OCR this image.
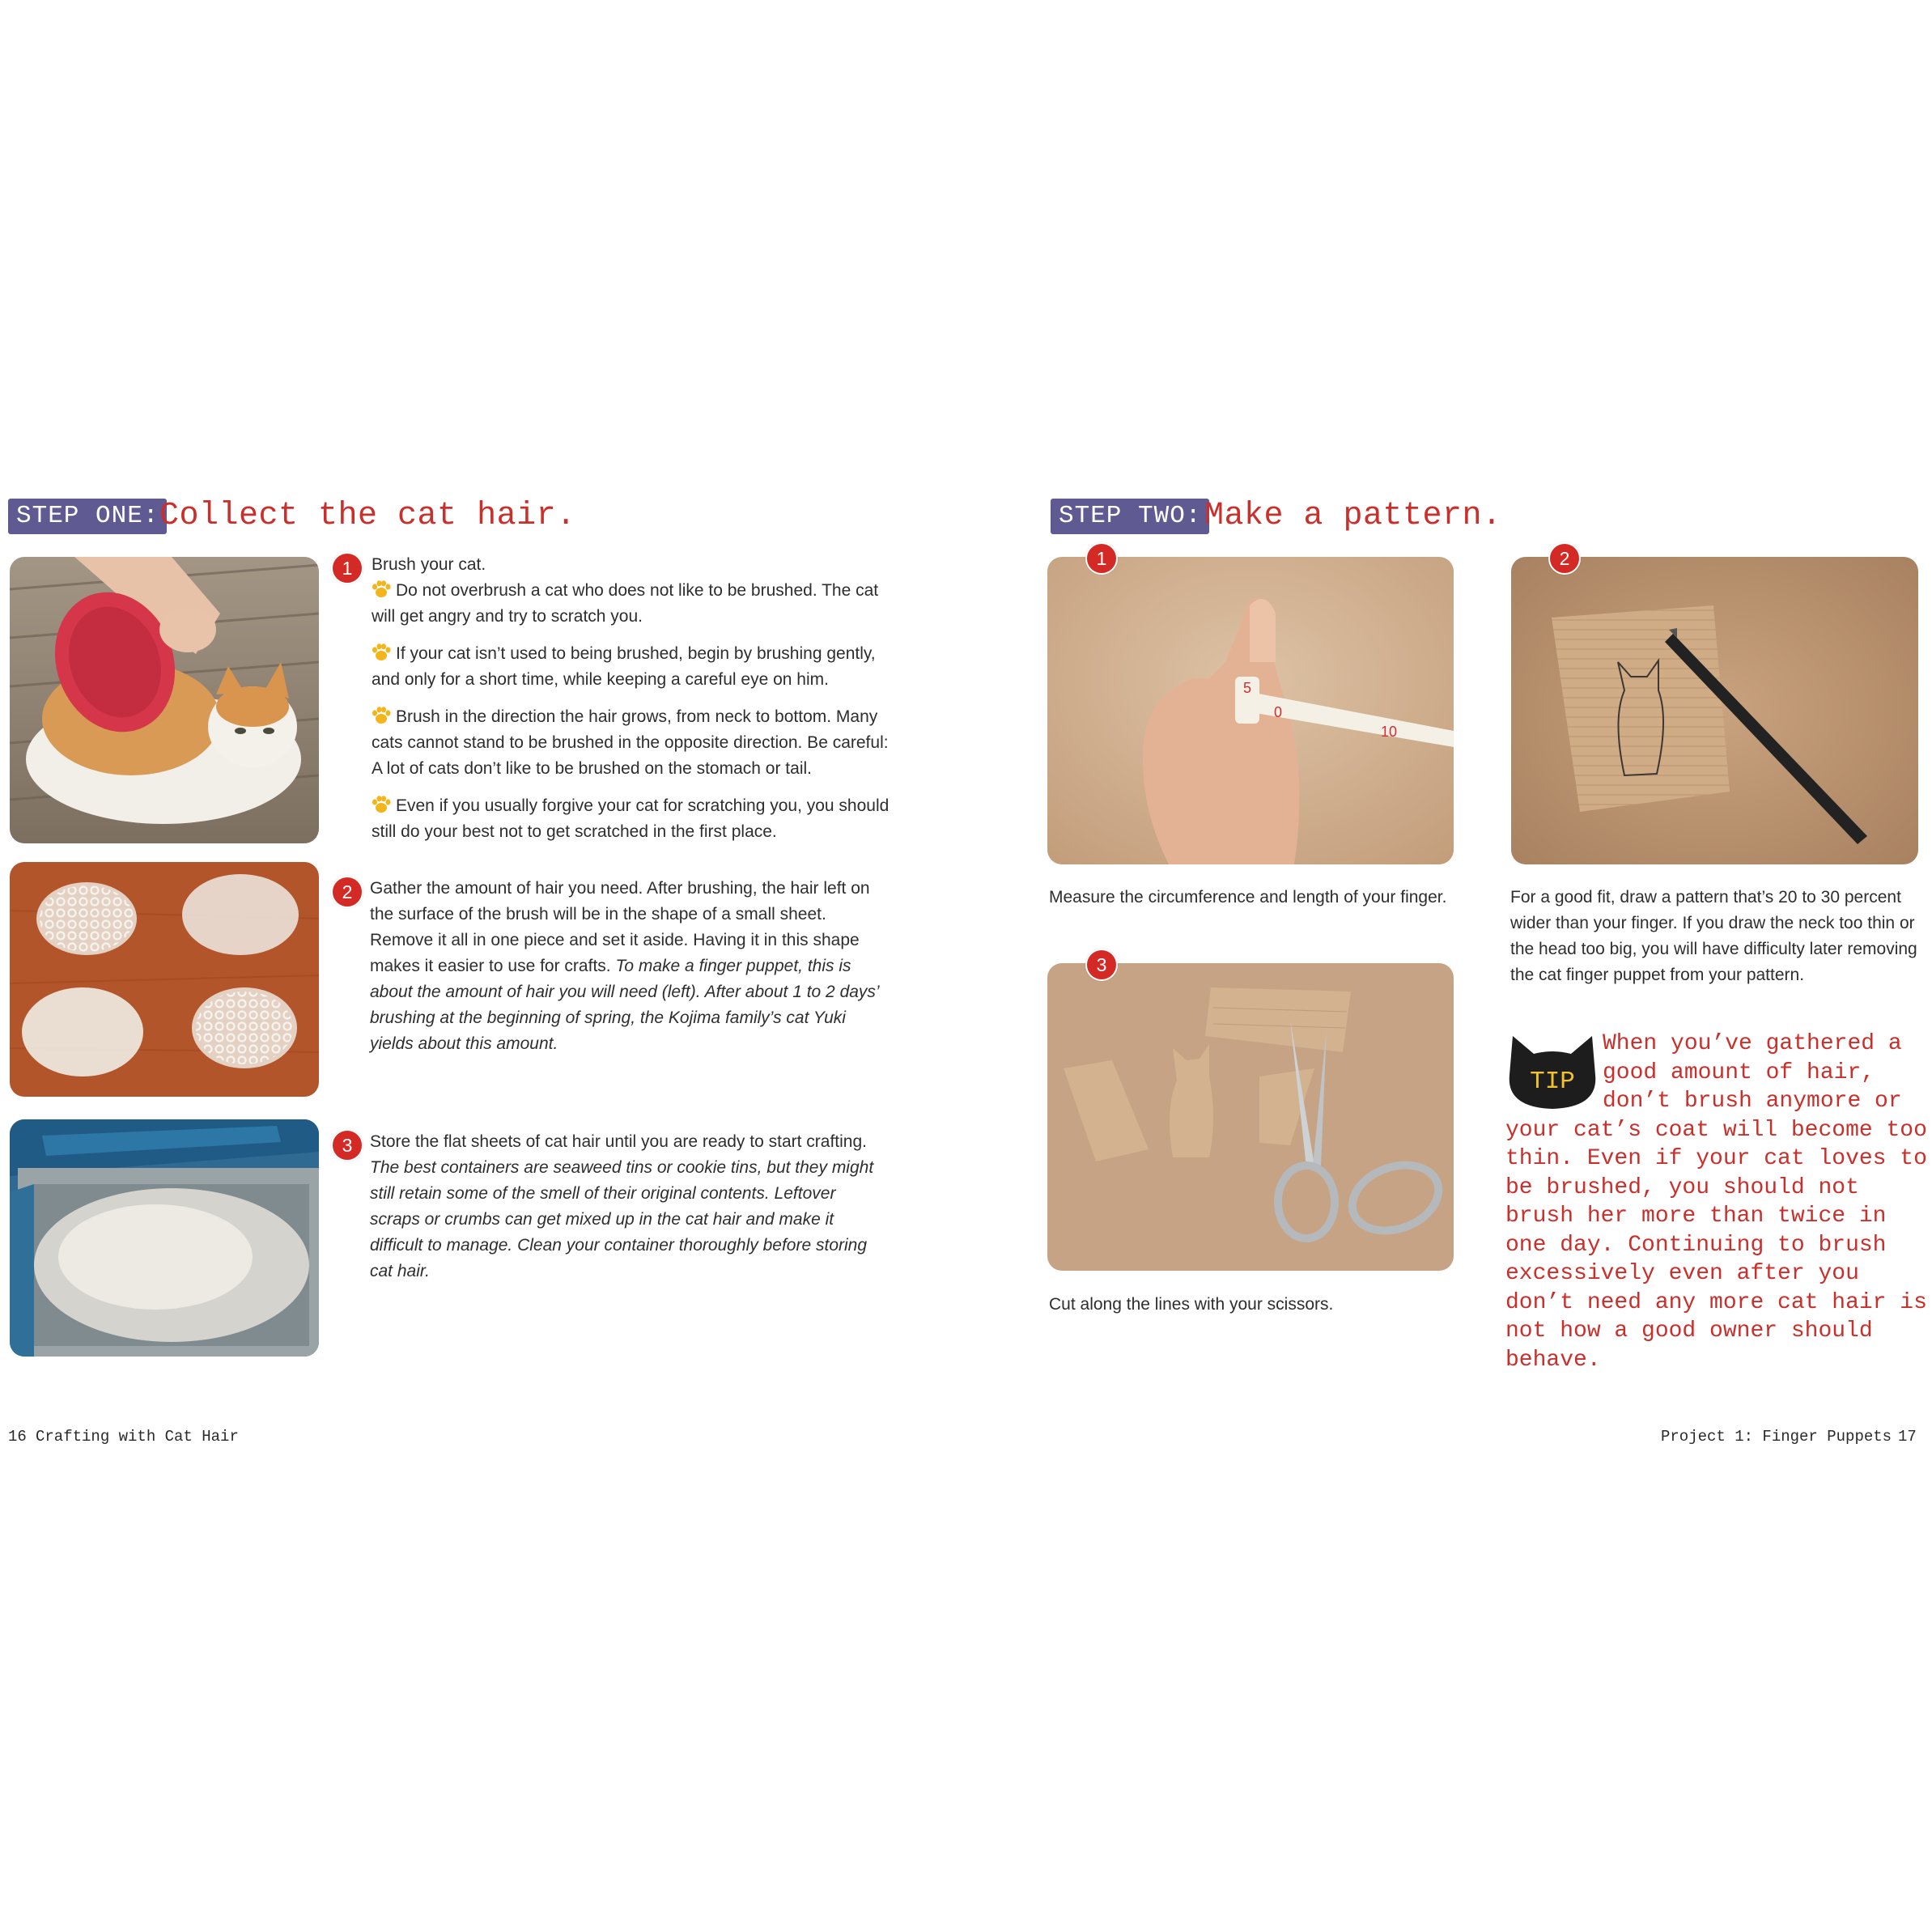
STEP ONE: Collect the cat hair.
1	Brush your cat.

Do not overbrush a cat who does not like to be brushed. The cat will get angry and try to scratch you.

If your cat isn’t used to being brushed, begin by brushing gently, and only for a short time, while keeping a careful eye on him.

Brush in the direction the hair grows, from neck to bottom. Many cats cannot stand to be brushed in the opposite direction. Be careful: A lot of cats don’t like to be brushed on the stomach or tail.

Even if you usually forgive your cat for scratching you, you should still do your best not to get scratched in the first place.

2	Gather the amount of hair you need. After brushing, the hair left on the surface of the brush will be in the shape of a small sheet. Remove it all in one piece and set it aside. Having it in this shape makes it easier to use for crafts. To make a finger puppet, this is about the amount of hair you will need (left). After about 1 to 2 days’ brushing at the beginning of spring, the Kojima family’s cat Yuki yields about this amount.
3	Store the flat sheets of cat hair until you are ready to start crafting. The best containers are seaweed tins or cookie tins, but they might still retain some of the smell of their original contents. Leftover scraps or crumbs can get mixed up in the cat hair and make it difficult to manage. Clean your container thoroughly before storing cat hair.
16 Crafting with Cat Hair
STEP TWO: Make a pattern.
5
0
10
1
Measure the circumference and length of your finger.
2
For a good fit, draw a pattern that’s 20 to 30 percent wider than your finger. If you draw the neck too thin or the head too big, you will have difficulty later removing the cat finger puppet from your pattern.
3
Cut along the lines with your scissors.
TIP
When you’ve gathered a good amount of hair, don’t brush anymore or your cat’s coat will become too thin. Even if your cat loves to be brushed, you should not brush her more than twice in one day. Continuing to brush excessively even after you don’t need any more cat hair is not how a good owner should behave.
Project 1: Finger Puppets 17
